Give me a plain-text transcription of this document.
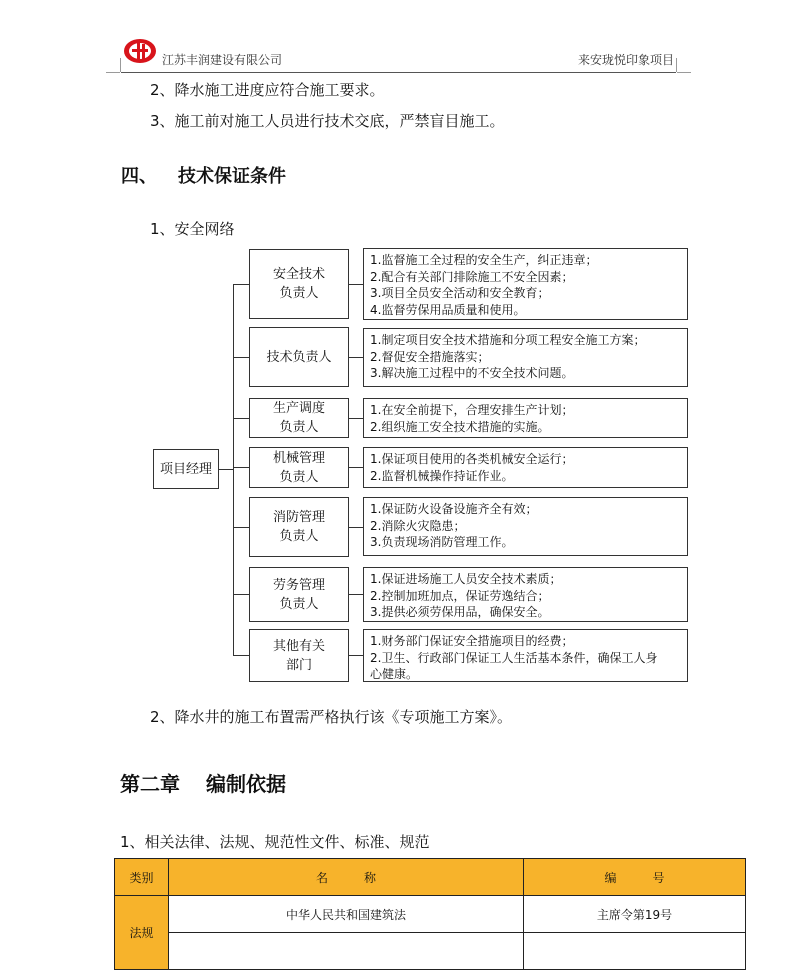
江苏丰润建设有限公司	来安珑悦印象项目
2、降水施工进度应符合施工要求。
3、施工前对施工人员进行技术交底，严禁盲目施工。
四、 技术保证条件
1、安全网络
项目经理
安全技术
负责人
1.监督施工全过程的安全生产，纠正违章；
2.配合有关部门排除施工不安全因素；
3.项目全员安全活动和安全教育；
4.监督劳保用品质量和使用。
技术负责人
1.制定项目安全技术措施和分项工程安全施工方案；
2.督促安全措施落实；
3.解决施工过程中的不安全技术问题。
生产调度
负责人
1.在安全前提下，合理安排生产计划；
2.组织施工安全技术措施的实施。
机械管理
负责人
1.保证项目使用的各类机械安全运行；
2.监督机械操作持证作业。
消防管理
负责人
1.保证防火设备设施齐全有效；
2.消除火灾隐患；
3.负责现场消防管理工作。
劳务管理
负责人
1.保证进场施工人员安全技术素质；
2.控制加班加点，保证劳逸结合；
3.提供必须劳保用品，确保安全。
其他有关
部门
1.财务部门保证安全措施项目的经费；
2.卫生、行政部门保证工人生活基本条件，确保工人身
心健康。
2、降水井的施工布置需严格执行该《专项施工方案》。
第二章 编制依据
1、相关法律、法规、规范性文件、标准、规范
类别	名　　　称	编　　　号
法规	中华人民共和国建筑法	主席令第19号
